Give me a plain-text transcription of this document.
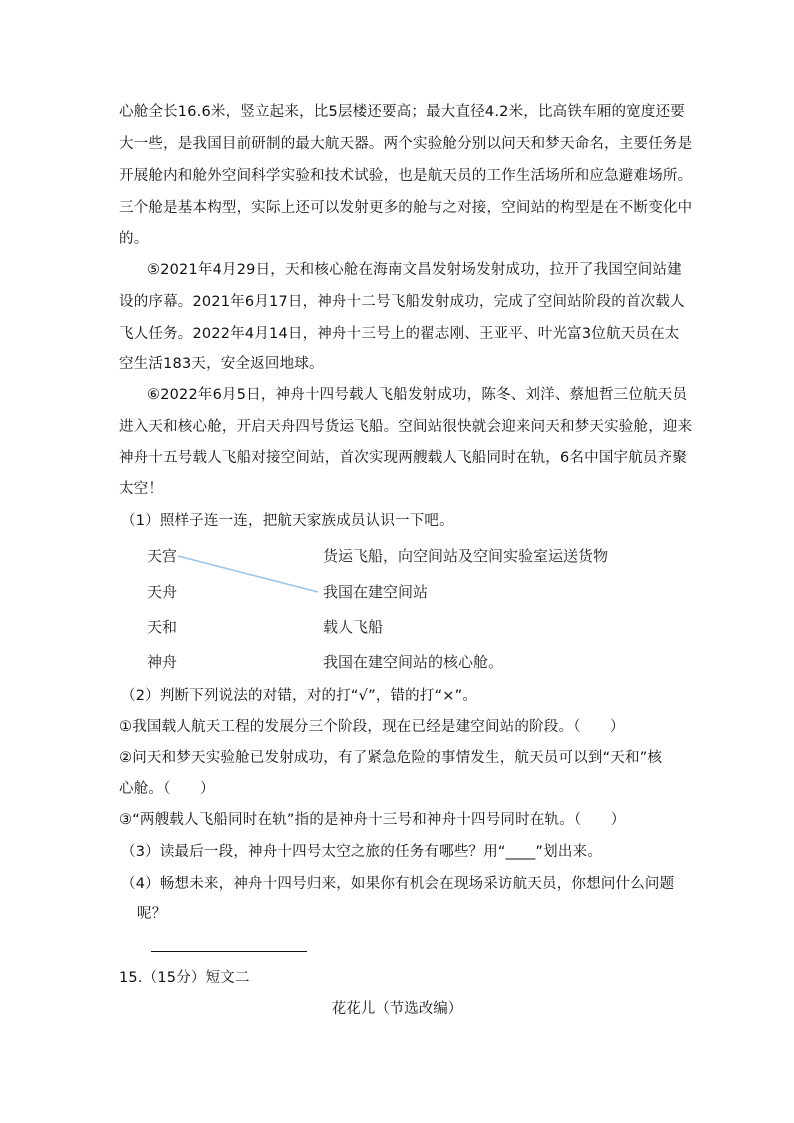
心舱全长16.6米，竖立起来，比5层楼还要高；最大直径4.2米，比高铁车厢的宽度还要
大一些，是我国目前研制的最大航天器。两个实验舱分别以问天和梦天命名，主要任务是
开展舱内和舱外空间科学实验和技术试验，也是航天员的工作生活场所和应急避难场所。
三个舱是基本构型，实际上还可以发射更多的舱与之对接，空间站的构型是在不断变化中
的。
⑤2021年4月29日，天和核心舱在海南文昌发射场发射成功，拉开了我国空间站建
设的序幕。2021年6月17日，神舟十二号飞船发射成功，完成了空间站阶段的首次载人
飞人任务。2022年4月14日，神舟十三号上的翟志刚、王亚平、叶光富3位航天员在太
空生活183天，安全返回地球。
⑥2022年6月5日，神舟十四号载人飞船发射成功，陈冬、刘洋、蔡旭哲三位航天员
进入天和核心舱，开启天舟四号货运飞船。空间站很快就会迎来问天和梦天实验舱，迎来
神舟十五号载人飞船对接空间站，首次实现两艘载人飞船同时在轨，6名中国宇航员齐聚
太空！
（1）照样子连一连，把航天家族成员认识一下吧。
天宫
天舟
天和
神舟
货运飞船，向空间站及空间实验室运送货物
我国在建空间站
载人飞船
我国在建空间站的核心舱。
（2）判断下列说法的对错，对的打“√”，错的打“×”。
①我国载人航天工程的发展分三个阶段，现在已经是建空间站的阶段。（　　）
②问天和梦天实验舱已发射成功，有了紧急危险的事情发生，航天员可以到“天和”核
心舱。（　　）
③“两艘载人飞船同时在轨”指的是神舟十三号和神舟十四号同时在轨。（　　）
（3）读最后一段，神舟十四号太空之旅的任务有哪些？用“____”划出来。
（4）畅想未来，神舟十四号归来，如果你有机会在现场采访航天员，你想问什么问题
呢？
15.（15分）短文二
花花儿（节选改编）
